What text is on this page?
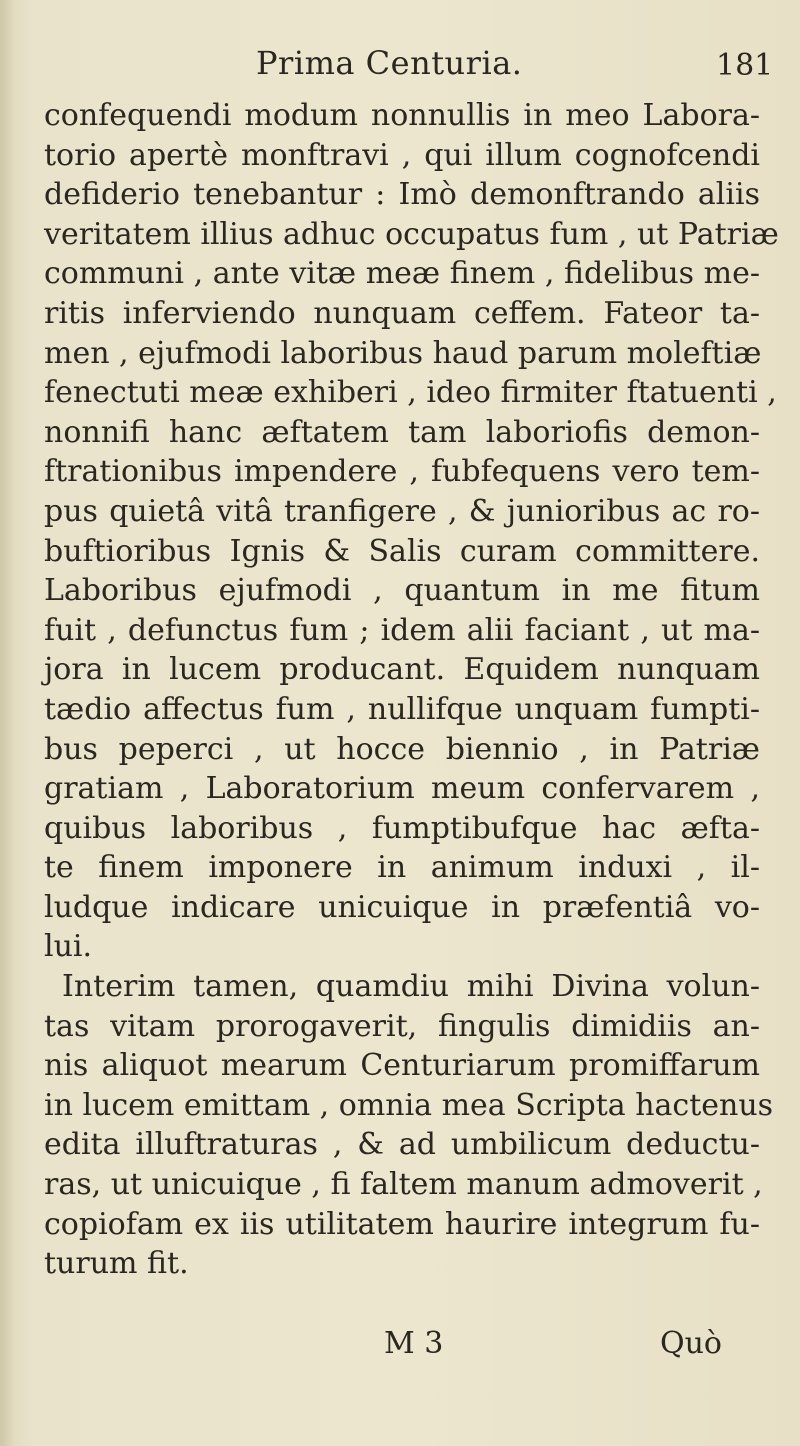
Prima Centuria.	181
confequendi modum nonnullis in meo Labora-
torio apertè monftravi , qui illum cognofcendi
defiderio tenebantur : Imò demonftrando aliis
veritatem illius adhuc occupatus fum , ut Patriæ
communi , ante vitæ meæ finem , fidelibus me-
ritis inferviendo nunquam ceffem. Fateor ta-
men , ejufmodi laboribus haud parum moleftiæ
fenectuti meæ exhiberi , ideo firmiter ftatuenti ,
nonnifi hanc æftatem tam laboriofis demon-
ftrationibus impendere , fubfequens vero tem-
pus quietâ vitâ tranfigere , & junioribus ac ro-
buftioribus Ignis & Salis curam committere.
Laboribus ejufmodi , quantum in me fitum
fuit , defunctus fum ; idem alii faciant , ut ma-
jora in lucem producant. Equidem nunquam
tædio affectus fum , nullifque unquam fumpti-
bus peperci , ut hocce biennio , in Patriæ
gratiam , Laboratorium meum confervarem ,
quibus laboribus , fumptibufque hac æfta-
te finem imponere in animum induxi , il-
ludque indicare unicuique in præfentiâ vo-
lui.
Interim tamen, quamdiu mihi Divina volun-
tas vitam prorogaverit, fingulis dimidiis an-
nis aliquot mearum Centuriarum promiffarum
in lucem emittam , omnia mea Scripta hactenus
edita illuftraturas , & ad umbilicum deductu-
ras, ut unicuique , fi faltem manum admoverit ,
copiofam ex iis utilitatem haurire integrum fu-
turum fit.
M 3	Quò
